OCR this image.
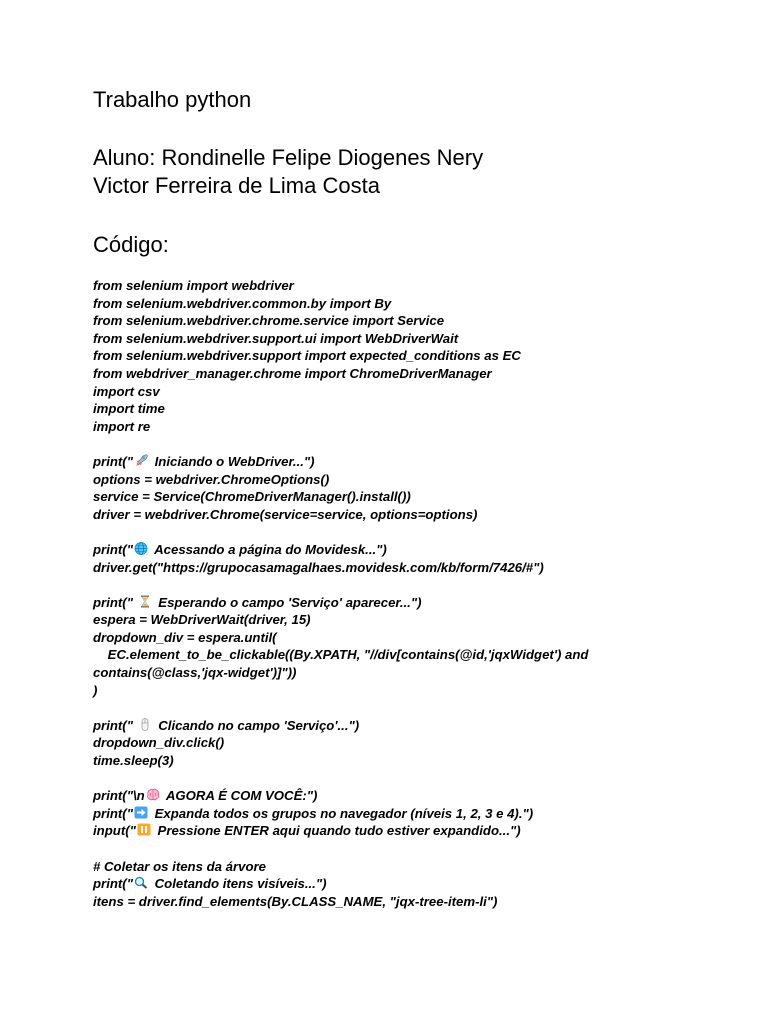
Trabalho python
Aluno: Rondinelle Felipe Diogenes Nery
Victor Ferreira de Lima Costa
Código:
from selenium import webdriver
from selenium.webdriver.common.by import By
from selenium.webdriver.chrome.service import Service
from selenium.webdriver.support.ui import WebDriverWait
from selenium.webdriver.support import expected_conditions as EC
from webdriver_manager.chrome import ChromeDriverManager
import csv
import time
import re
print("
Iniciando o WebDriver...")
options = webdriver.ChromeOptions()
service = Service(ChromeDriverManager().install())
driver = webdriver.Chrome(service=service, options=options)
print("
Acessando a página do Movidesk...")
driver.get("https://grupocasamagalhaes.movidesk.com/kb/form/7426/#")
print("
Esperando o campo 'Serviço' aparecer...")
espera = WebDriverWait(driver, 15)
dropdown_div = espera.until(
EC.element_to_be_clickable((By.XPATH, "//div[contains(@id,'jqxWidget') and
contains(@class,'jqx-widget')]"))
)
print("
Clicando no campo 'Serviço'...")
dropdown_div.click()
time.sleep(3)
print("\n
AGORA É COM VOCÊ:")
print("
Expanda todos os grupos no navegador (níveis 1, 2, 3 e 4).")
input("
Pressione ENTER aqui quando tudo estiver expandido...")
# Coletar os itens da árvore
print("
Coletando itens visíveis...")
itens = driver.find_elements(By.CLASS_NAME, "jqx-tree-item-li")
